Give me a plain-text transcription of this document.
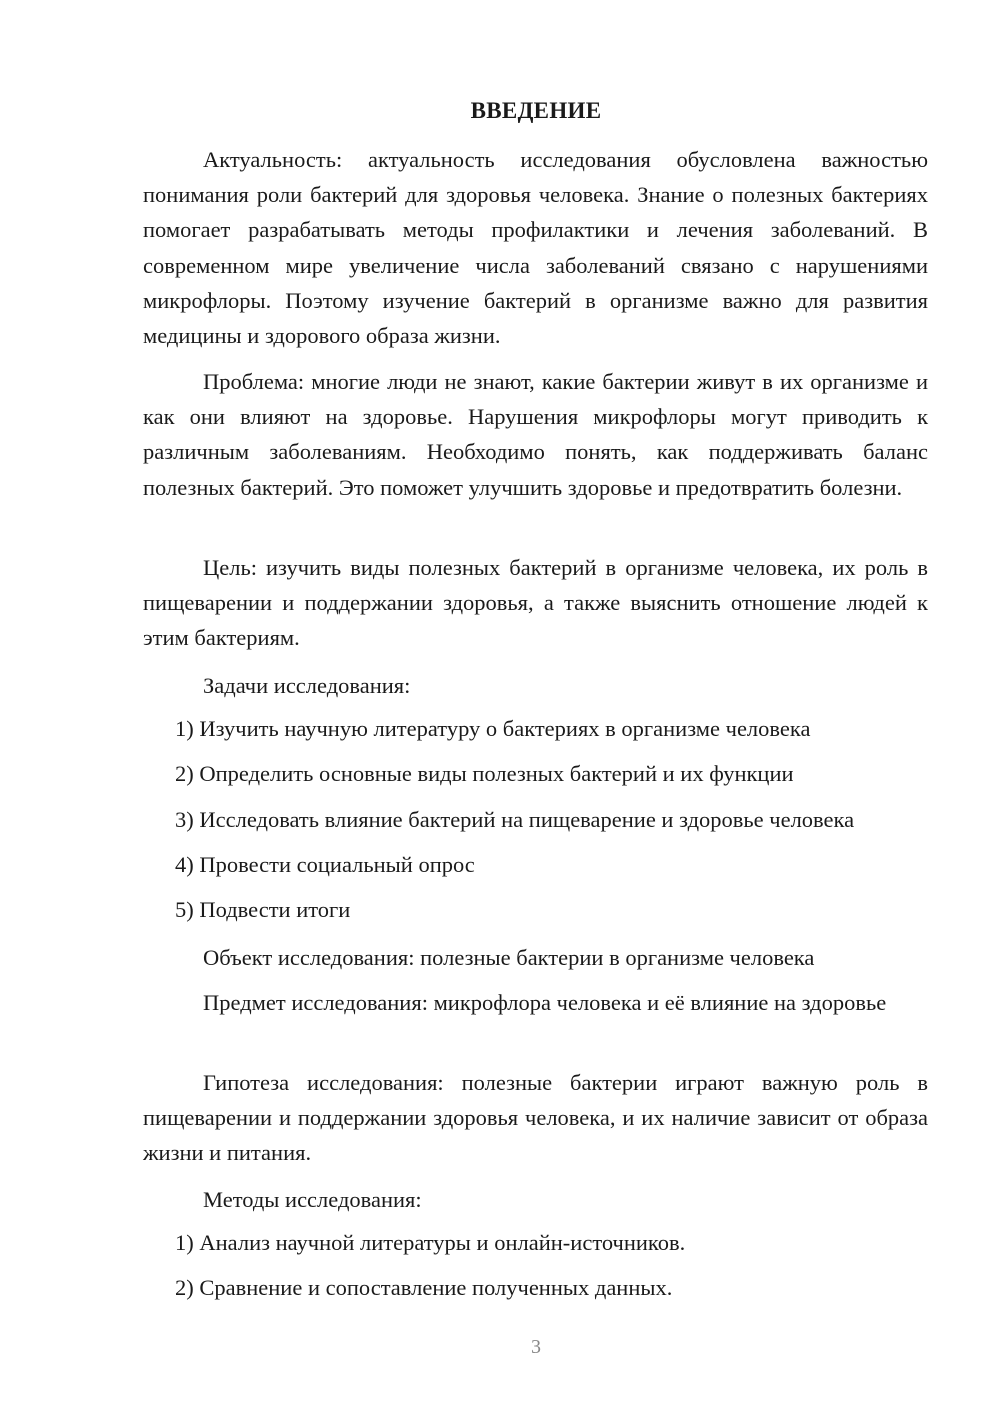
ВВЕДЕНИЕ

Актуальность: актуальность исследования обусловлена важностью понимания роли бактерий для здоровья человека. Знание о полезных бактериях помогает разрабатывать методы профилактики и лечения заболеваний. В современном мире увеличение числа заболеваний связано с нарушениями микрофлоры. Поэтому изучение бактерий в организме важно для развития медицины и здорового образа жизни.

Проблема: многие люди не знают, какие бактерии живут в их организме и как они влияют на здоровье. Нарушения микрофлоры могут приводить к различным заболеваниям. Необходимо понять, как поддерживать баланс полезных бактерий. Это поможет улучшить здоровье и предотвратить болезни.

Цель: изучить виды полезных бактерий в организме человека, их роль в пищеварении и поддержании здоровья, а также выяснить отношение людей к этим бактериям.

Задачи исследования:

1) Изучить научную литературу о бактериях в организме человека
2) Определить основные виды полезных бактерий и их функции
3) Исследовать влияние бактерий на пищеварение и здоровье человека
4) Провести социальный опрос
5) Подвести итоги

Объект исследования: полезные бактерии в организме человека

Предмет исследования: микрофлора человека и её влияние на здоровье

Гипотеза исследования: полезные бактерии играют важную роль в пищеварении и поддержании здоровья человека, и их наличие зависит от образа жизни и питания.

Методы исследования:

1) Анализ научной литературы и онлайн-источников.
2) Сравнение и сопоставление полученных данных.
3
